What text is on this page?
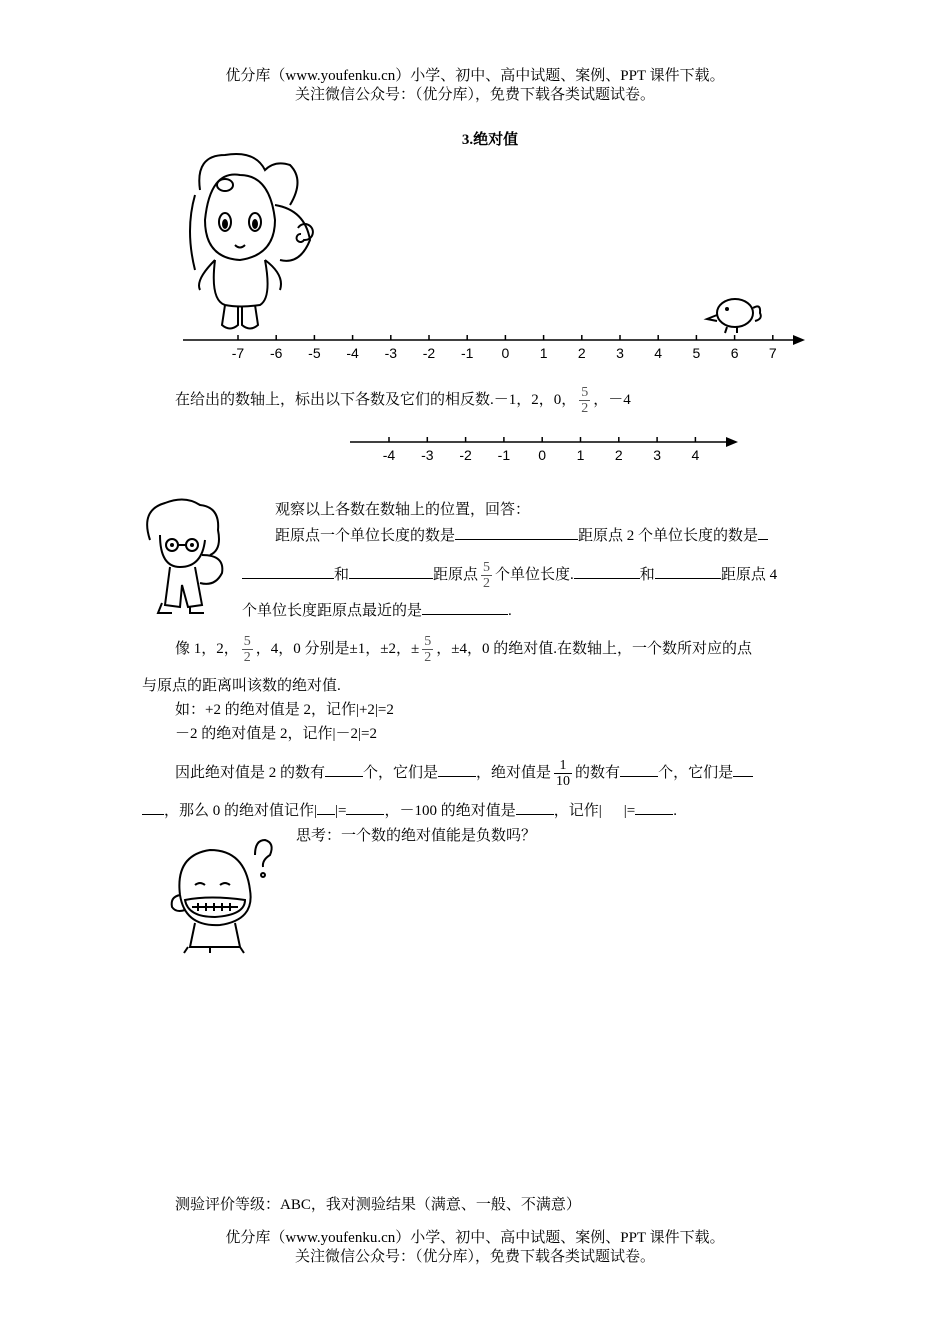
优分库（www.youfenku.cn）小学、初中、高中试题、案例、PPT 课件下载。
关注微信公众号：（优分库），免费下载各类试题试卷。
3.绝对值
-7 -6 -5 -4 -3 -2 -1 0 1 2 3 4 5 6 7
在给出的数轴上，标出以下各数及它们的相反数.－1，2，0， $\frac{5}{2}$ ，－4
-4 -3 -2 -1 0 1 2 3 4
观察以上各数在数轴上的位置，回答：
距原点一个单位长度的数是	距原点 2 个单位长度的数是
和	距原点 $\frac{5}{2}$ 个单位长度.	和	距原点 4
个单位长度距原点最近的是	.
像 1，2， $\frac{5}{2}$ ，4，0 分别是±1，±2，± $\frac{5}{2}$ ，±4，0 的绝对值.在数轴上，一个数所对应的点
与原点的距离叫该数的绝对值.
如：+2 的绝对值是 2，记作|+2|=2
－2 的绝对值是 2，记作|－2|=2
因此绝对值是 2 的数有	个，它们是	，绝对值是 $\frac{1}{10}$ 的数有	个，它们是
，那么 0 的绝对值记作| |=	，－100 的绝对值是	，记作| |=	.
思考：一个数的绝对值能是负数吗？
测验评价等级：ABC，我对测验结果（满意、一般、不满意）
优分库（www.youfenku.cn）小学、初中、高中试题、案例、PPT 课件下载。
关注微信公众号：（优分库），免费下载各类试题试卷。
